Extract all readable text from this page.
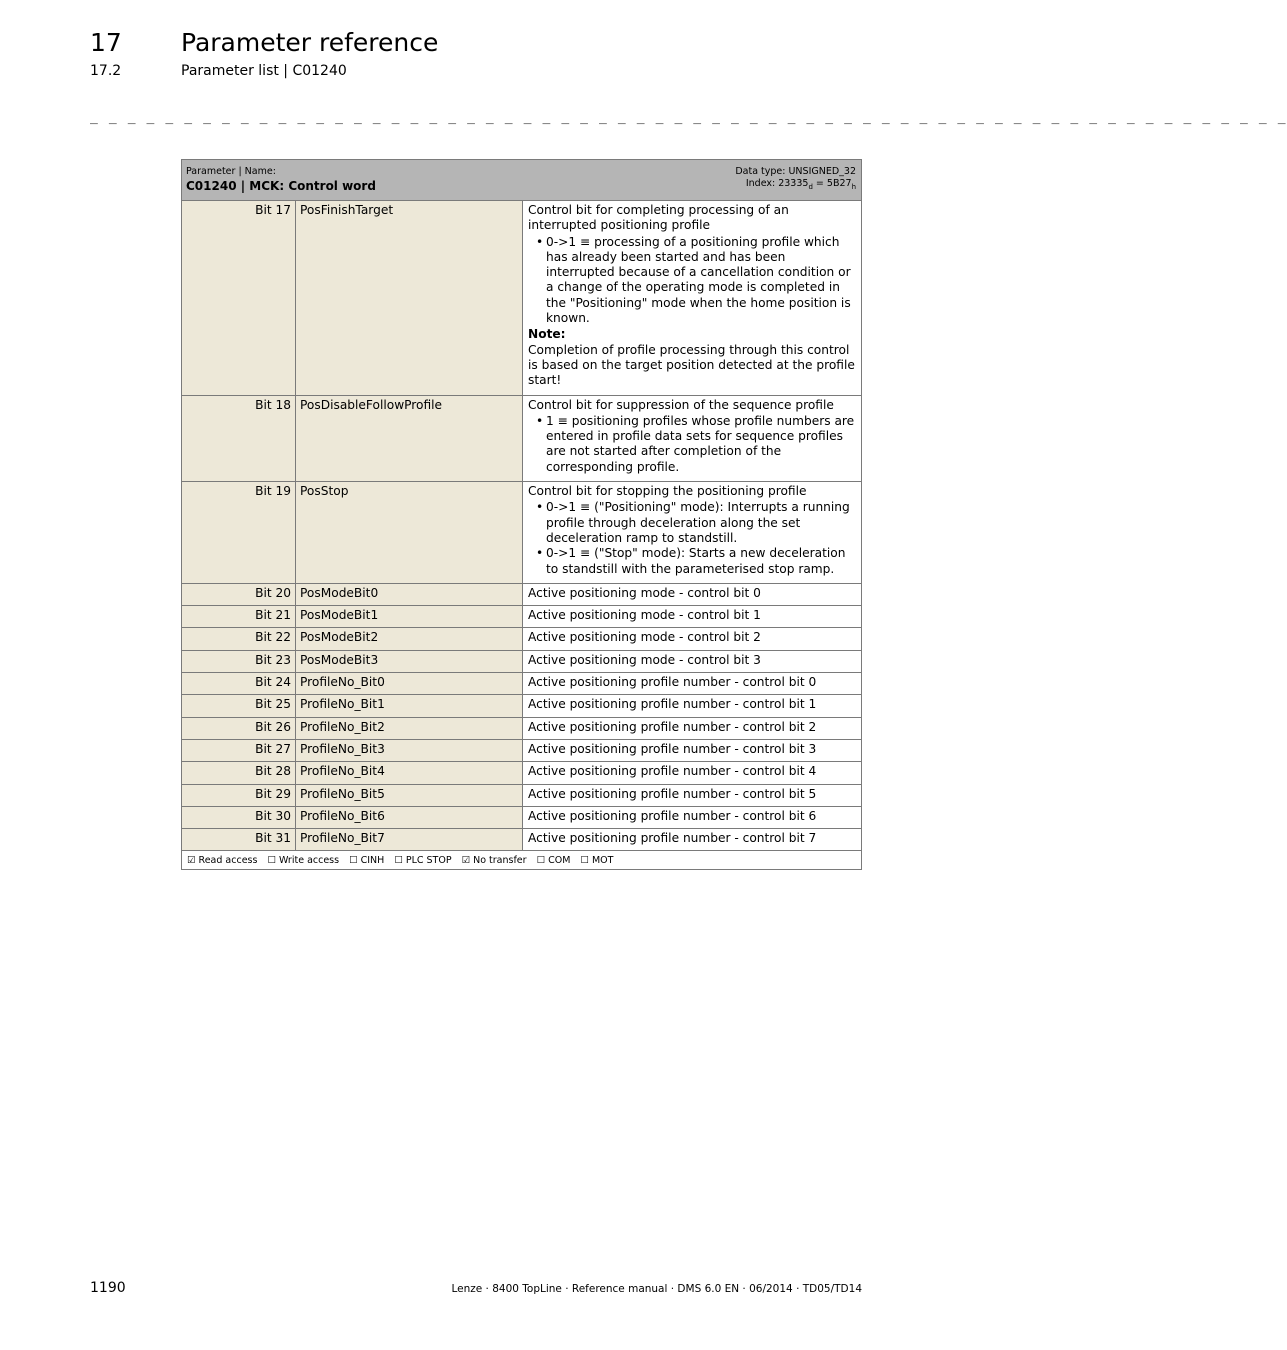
17 Parameter reference
17.2	Parameter list | C01240
_ _ _ _ _ _ _ _ _ _ _ _ _ _ _ _ _ _ _ _ _ _ _ _ _ _ _ _ _ _ _ _ _ _ _ _ _ _ _ _ _ _ _ _ _ _ _ _ _ _ _ _ _ _ _ _ _ _ _ _ _ _ _ _
Parameter | Name:
C01240 | MCK: Control word
Data type: UNSIGNED_32
Index: $23335_d = 5B27_h$
Bit 17 PosFinishTarget	Control bit for completing processing of an interrupted positioning profile
• 0->1 ≡ processing of a positioning profile which has already been started and has been interrupted because of a cancellation condition or a change of the operating mode is completed in the "Positioning" mode when the home position is known.
Note:
Completion of profile processing through this control is based on the target position detected at the profile start!
Bit 18 PosDisableFollowProfile	Control bit for suppression of the sequence profile
• 1 ≡ positioning profiles whose profile numbers are entered in profile data sets for sequence profiles are not started after completion of the corresponding profile.
Bit 19 PosStop	Control bit for stopping the positioning profile
• 0->1 ≡ ("Positioning" mode): Interrupts a running profile through deceleration along the set deceleration ramp to standstill.
• 0->1 ≡ ("Stop" mode): Starts a new deceleration to standstill with the parameterised stop ramp.
Bit 20 PosModeBit0	Active positioning mode - control bit 0
Bit 21 PosModeBit1	Active positioning mode - control bit 1
Bit 22 PosModeBit2	Active positioning mode - control bit 2
Bit 23 PosModeBit3	Active positioning mode - control bit 3
Bit 24 ProfileNo_Bit0	Active positioning profile number - control bit 0
Bit 25 ProfileNo_Bit1	Active positioning profile number - control bit 1
Bit 26 ProfileNo_Bit2	Active positioning profile number - control bit 2
Bit 27 ProfileNo_Bit3	Active positioning profile number - control bit 3
Bit 28 ProfileNo_Bit4	Active positioning profile number - control bit 4
Bit 29 ProfileNo_Bit5	Active positioning profile number - control bit 5
Bit 30 ProfileNo_Bit6	Active positioning profile number - control bit 6
Bit 31 ProfileNo_Bit7	Active positioning profile number - control bit 7
☑ Read access ☐ Write access ☐ CINH ☐ PLC STOP ☑ No transfer ☐ COM ☐ MOT
1190	Lenze · 8400 TopLine · Reference manual · DMS 6.0 EN · 06/2014 · TD05/TD14
